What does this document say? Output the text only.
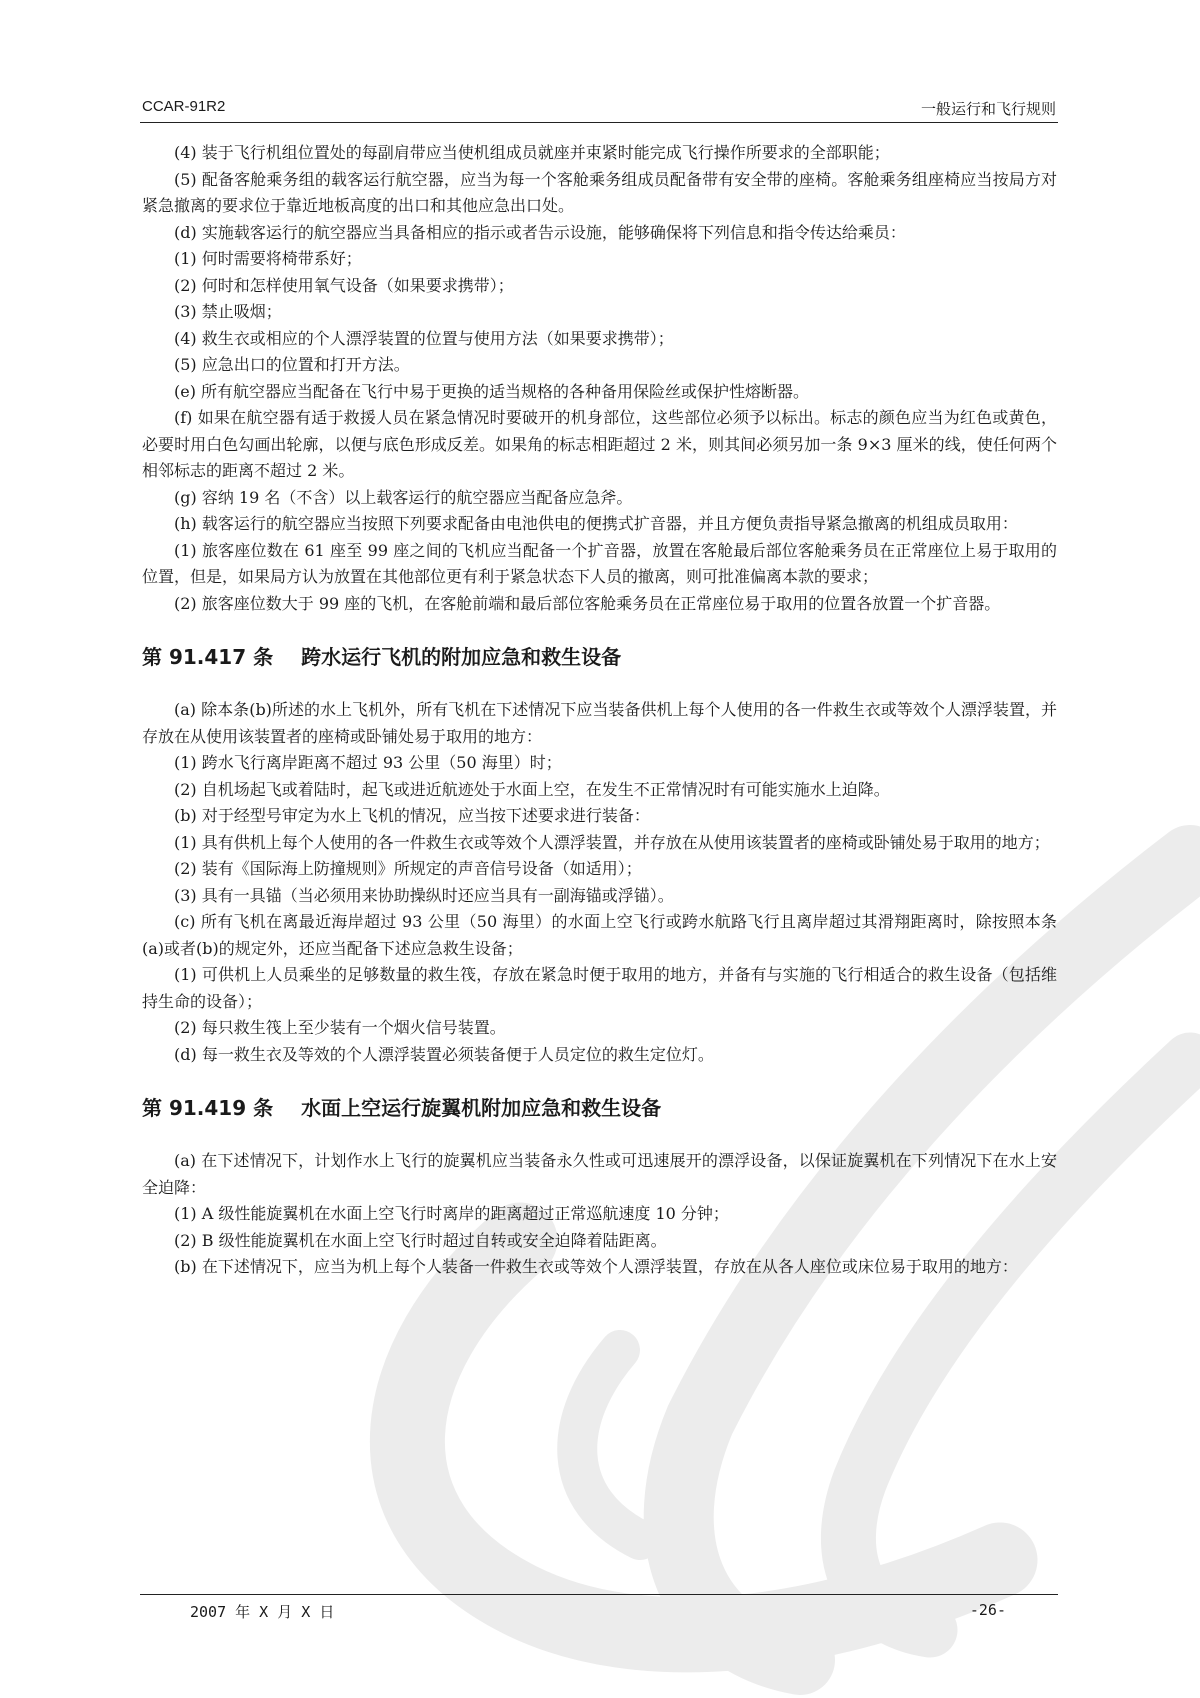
CCAR-91R2	一般运行和飞行规则

(4) 装于飞行机组位置处的每副肩带应当使机组成员就座并束紧时能完成飞行操作所要求的全部职能；

(5) 配备客舱乘务组的载客运行航空器，应当为每一个客舱乘务组成员配备带有安全带的座椅。客舱乘务组座椅应当按局方对紧急撤离的要求位于靠近地板高度的出口和其他应急出口处。

(d) 实施载客运行的航空器应当具备相应的指示或者告示设施，能够确保将下列信息和指令传达给乘员：

(1) 何时需要将椅带系好；

(2) 何时和怎样使用氧气设备（如果要求携带）；

(3) 禁止吸烟；

(4) 救生衣或相应的个人漂浮装置的位置与使用方法（如果要求携带）；

(5) 应急出口的位置和打开方法。

(e) 所有航空器应当配备在飞行中易于更换的适当规格的各种备用保险丝或保护性熔断器。

(f) 如果在航空器有适于救援人员在紧急情况时要破开的机身部位，这些部位必须予以标出。标志的颜色应当为红色或黄色，必要时用白色勾画出轮廓，以便与底色形成反差。如果角的标志相距超过 2 米，则其间必须另加一条 9×3 厘米的线，使任何两个相邻标志的距离不超过 2 米。

(g) 容纳 19 名（不含）以上载客运行的航空器应当配备应急斧。

(h) 载客运行的航空器应当按照下列要求配备由电池供电的便携式扩音器，并且方便负责指导紧急撤离的机组成员取用：

(1) 旅客座位数在 61 座至 99 座之间的飞机应当配备一个扩音器，放置在客舱最后部位客舱乘务员在正常座位上易于取用的位置，但是，如果局方认为放置在其他部位更有利于紧急状态下人员的撤离，则可批准偏离本款的要求；

(2) 旅客座位数大于 99 座的飞机，在客舱前端和最后部位客舱乘务员在正常座位易于取用的位置各放置一个扩音器。

第 91.417 条 跨水运行飞机的附加应急和救生设备

(a) 除本条(b)所述的水上飞机外，所有飞机在下述情况下应当装备供机上每个人使用的各一件救生衣或等效个人漂浮装置，并存放在从使用该装置者的座椅或卧铺处易于取用的地方：

(1) 跨水飞行离岸距离不超过 93 公里（50 海里）时；

(2) 自机场起飞或着陆时，起飞或进近航迹处于水面上空，在发生不正常情况时有可能实施水上迫降。

(b) 对于经型号审定为水上飞机的情况，应当按下述要求进行装备：

(1) 具有供机上每个人使用的各一件救生衣或等效个人漂浮装置，并存放在从使用该装置者的座椅或卧铺处易于取用的地方；

(2) 装有《国际海上防撞规则》所规定的声音信号设备（如适用）；

(3) 具有一具锚（当必须用来协助操纵时还应当具有一副海锚或浮锚）。

(c) 所有飞机在离最近海岸超过 93 公里（50 海里）的水面上空飞行或跨水航路飞行且离岸超过其滑翔距离时，除按照本条(a)或者(b)的规定外，还应当配备下述应急救生设备；

(1) 可供机上人员乘坐的足够数量的救生筏，存放在紧急时便于取用的地方，并备有与实施的飞行相适合的救生设备（包括维持生命的设备）；

(2) 每只救生筏上至少装有一个烟火信号装置。

(d) 每一救生衣及等效的个人漂浮装置必须装备便于人员定位的救生定位灯。

第 91.419 条 水面上空运行旋翼机附加应急和救生设备

(a) 在下述情况下，计划作水上飞行的旋翼机应当装备永久性或可迅速展开的漂浮设备，以保证旋翼机在下列情况下在水上安全迫降：

(1) A 级性能旋翼机在水面上空飞行时离岸的距离超过正常巡航速度 10 分钟；

(2) B 级性能旋翼机在水面上空飞行时超过自转或安全迫降着陆距离。

(b) 在下述情况下，应当为机上每个人装备一件救生衣或等效个人漂浮装置，存放在从各人座位或床位易于取用的地方：

2007 年 X 月 X 日	-26-
